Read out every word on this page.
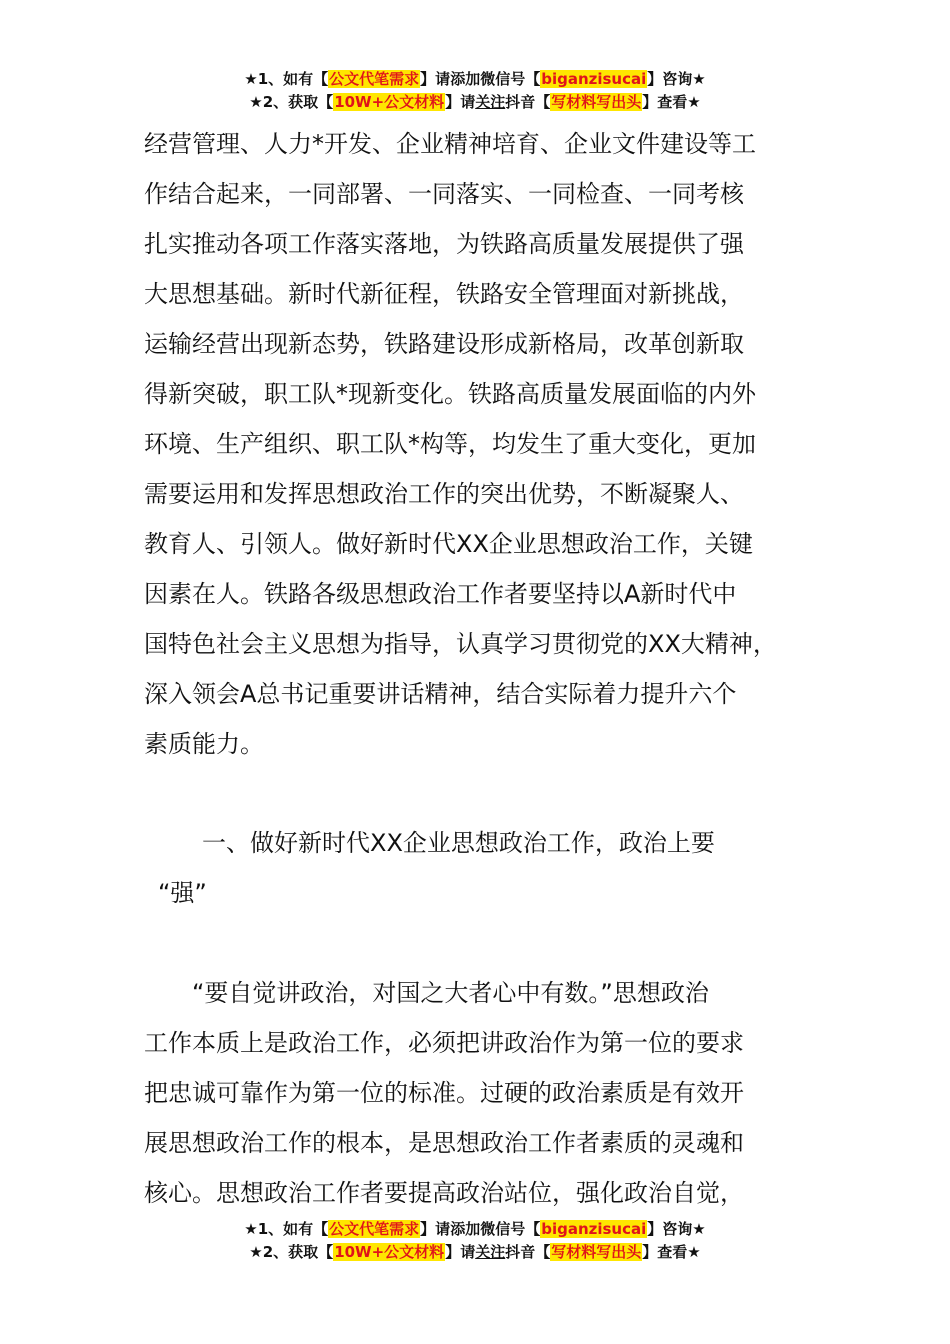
★1、如有【公文代笔需求】请添加微信号【biganzisucai】咨询★
★2、获取【10W+公文材料】请关注抖音【写材料写出头】查看★

经营管理、人力*开发、企业精神培育、企业文件建设等工

作结合起来，一同部署、一同落实、一同检查、一同考核

扎实推动各项工作落实落地，为铁路高质量发展提供了强

大思想基础。新时代新征程，铁路安全管理面对新挑战，

运输经营出现新态势，铁路建设形成新格局，改革创新取

得新突破，职工队*现新变化。铁路高质量发展面临的内外

环境、生产组织、职工队*构等，均发生了重大变化，更加

需要运用和发挥思想政治工作的突出优势，不断凝聚人、

教育人、引领人。做好新时代XX企业思想政治工作，关键

因素在人。铁路各级思想政治工作者要坚持以A新时代中

国特色社会主义思想为指导，认真学习贯彻党的XX大精神，

深入领会A总书记重要讲话精神，结合实际着力提升六个

素质能力。

一、做好新时代XX企业思想政治工作，政治上要

“强”

“要自觉讲政治，对国之大者心中有数。”思想政治

工作本质上是政治工作，必须把讲政治作为第一位的要求

把忠诚可靠作为第一位的标准。过硬的政治素质是有效开

展思想政治工作的根本，是思想政治工作者素质的灵魂和

核心。思想政治工作者要提高政治站位，强化政治自觉，

★1、如有【公文代笔需求】请添加微信号【biganzisucai】咨询★
★2、获取【10W+公文材料】请关注抖音【写材料写出头】查看★
